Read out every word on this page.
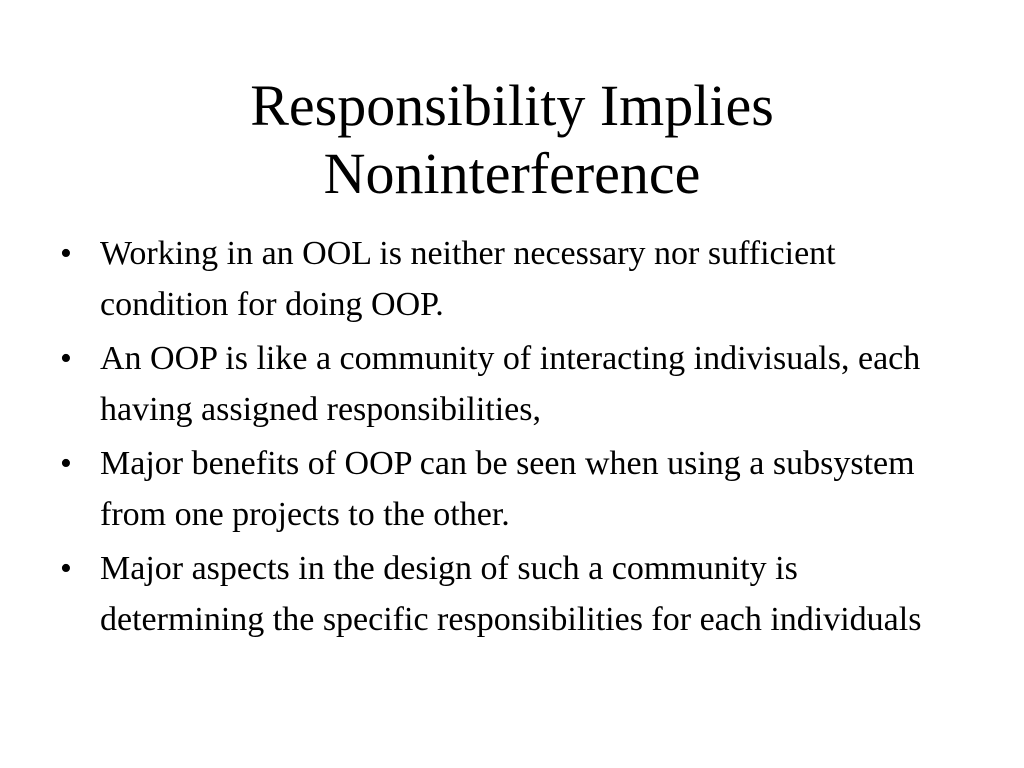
Responsibility Implies
Noninterference
• Working in an OOL is neither necessary nor sufficient condition for doing OOP.
• An OOP is like a community of interacting indivisuals, each having assigned responsibilities,
• Major benefits of OOP can be seen when using a subsystem from one projects to the other.
• Major aspects in the design of such a community is determining the specific responsibilities for each individuals
